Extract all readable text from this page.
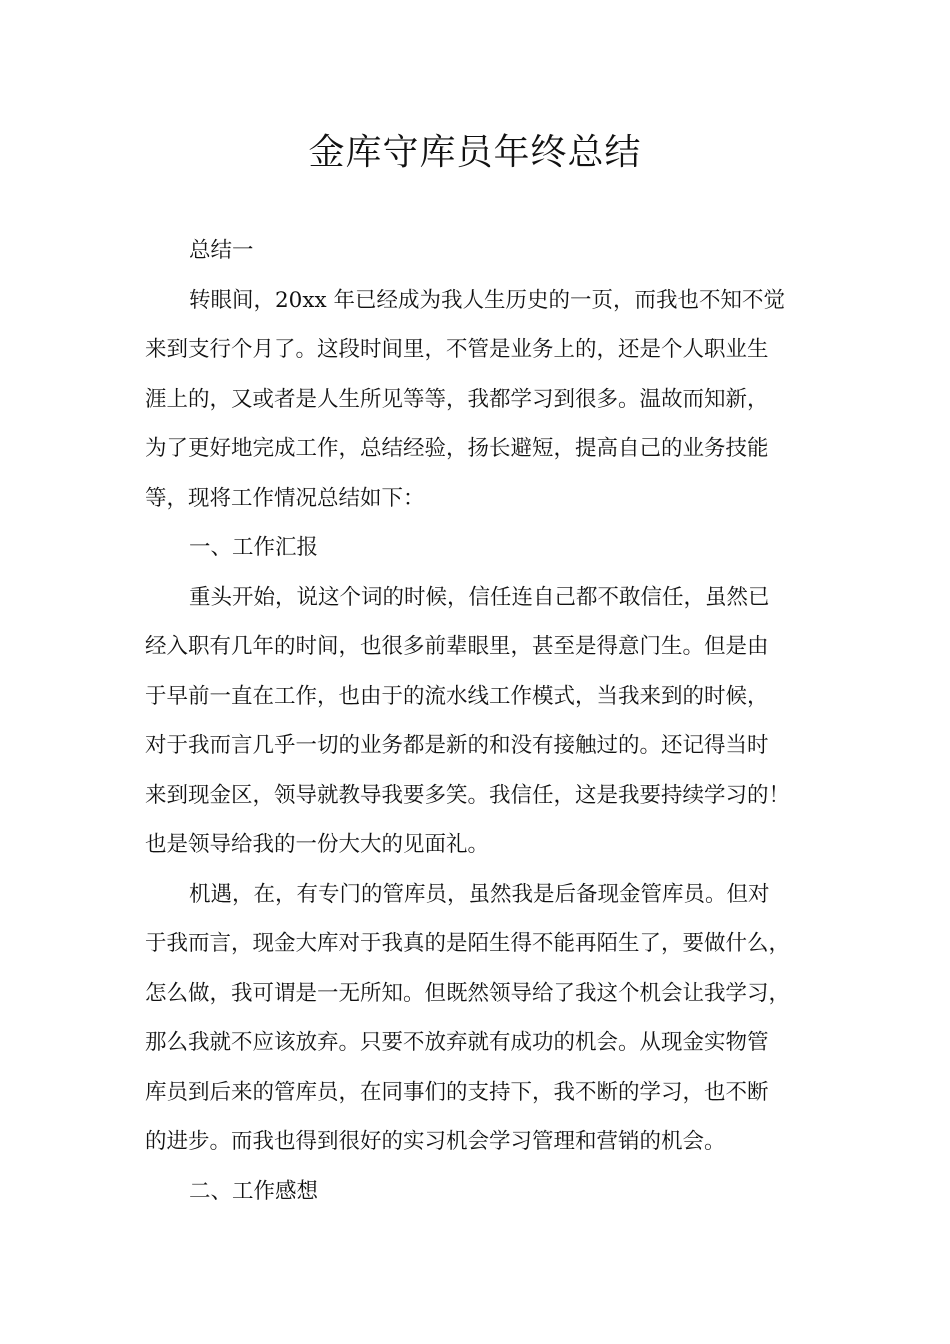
金库守库员年终总结
总结一
转眼间，20xx 年已经成为我人生历史的一页，而我也不知不觉
来到支行个月了。这段时间里，不管是业务上的，还是个人职业生
涯上的，又或者是人生所见等等，我都学习到很多。温故而知新，
为了更好地完成工作，总结经验，扬长避短，提高自己的业务技能
等，现将工作情况总结如下：
一、工作汇报
重头开始，说这个词的时候，信任连自己都不敢信任，虽然已
经入职有几年的时间，也很多前辈眼里，甚至是得意门生。但是由
于早前一直在工作，也由于的流水线工作模式，当我来到的时候，
对于我而言几乎一切的业务都是新的和没有接触过的。还记得当时
来到现金区，领导就教导我要多笑。我信任，这是我要持续学习的！
也是领导给我的一份大大的见面礼。
机遇，在，有专门的管库员，虽然我是后备现金管库员。但对
于我而言，现金大库对于我真的是陌生得不能再陌生了，要做什么，
怎么做，我可谓是一无所知。但既然领导给了我这个机会让我学习，
那么我就不应该放弃。只要不放弃就有成功的机会。从现金实物管
库员到后来的管库员，在同事们的支持下，我不断的学习，也不断
的进步。而我也得到很好的实习机会学习管理和营销的机会。
二、工作感想
